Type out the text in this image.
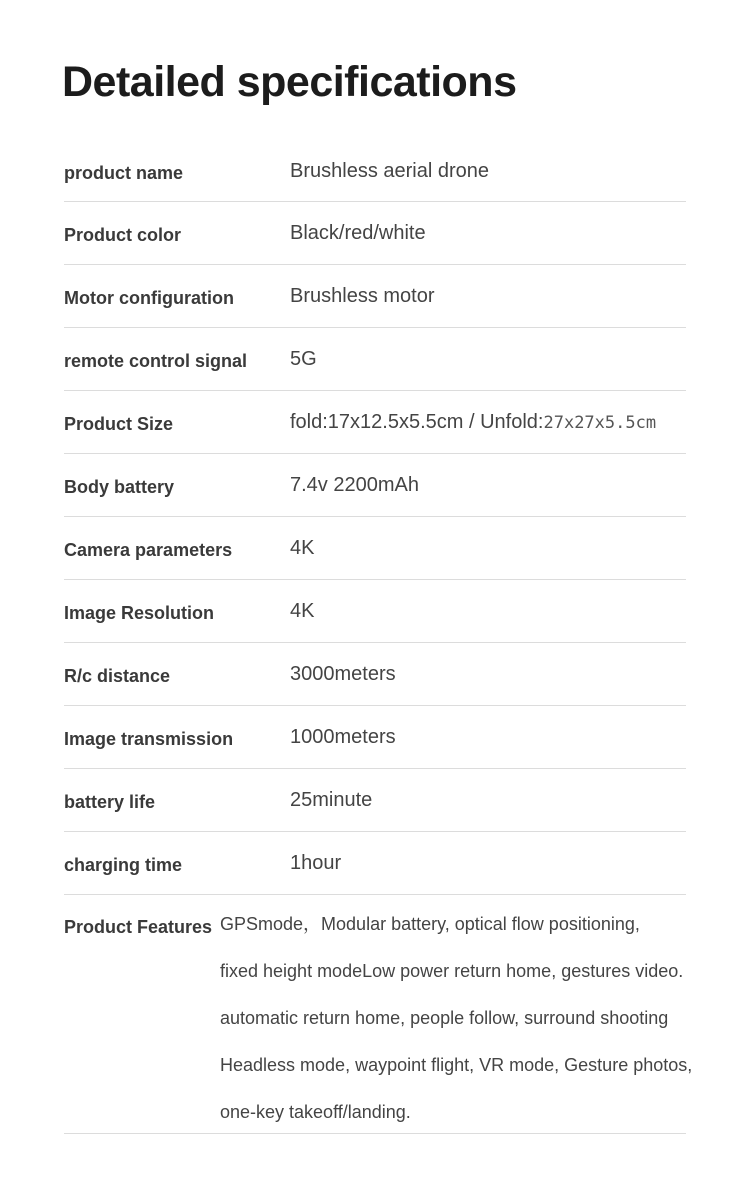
Detailed specifications
product name	Brushless aerial drone
Product color	Black/red/white
Motor configuration	Brushless motor
remote control signal 5G
Product Size	fold:17x12.5x5.5cm / Unfold:27x27x5.5cm
Body battery	7.4v 2200mAh
Camera parameters	4K
Image Resolution	4K
R/c distance	3000meters
Image transmission	1000meters
battery life	25minute
charging time	1hour
Product Features GPSmode，Modular battery, optical flow positioning,
fixed height modeLow power return home, gestures video.
automatic return home, people follow, surround shooting
Headless mode, waypoint flight, VR mode, Gesture photos,
one-key takeoff/landing.
